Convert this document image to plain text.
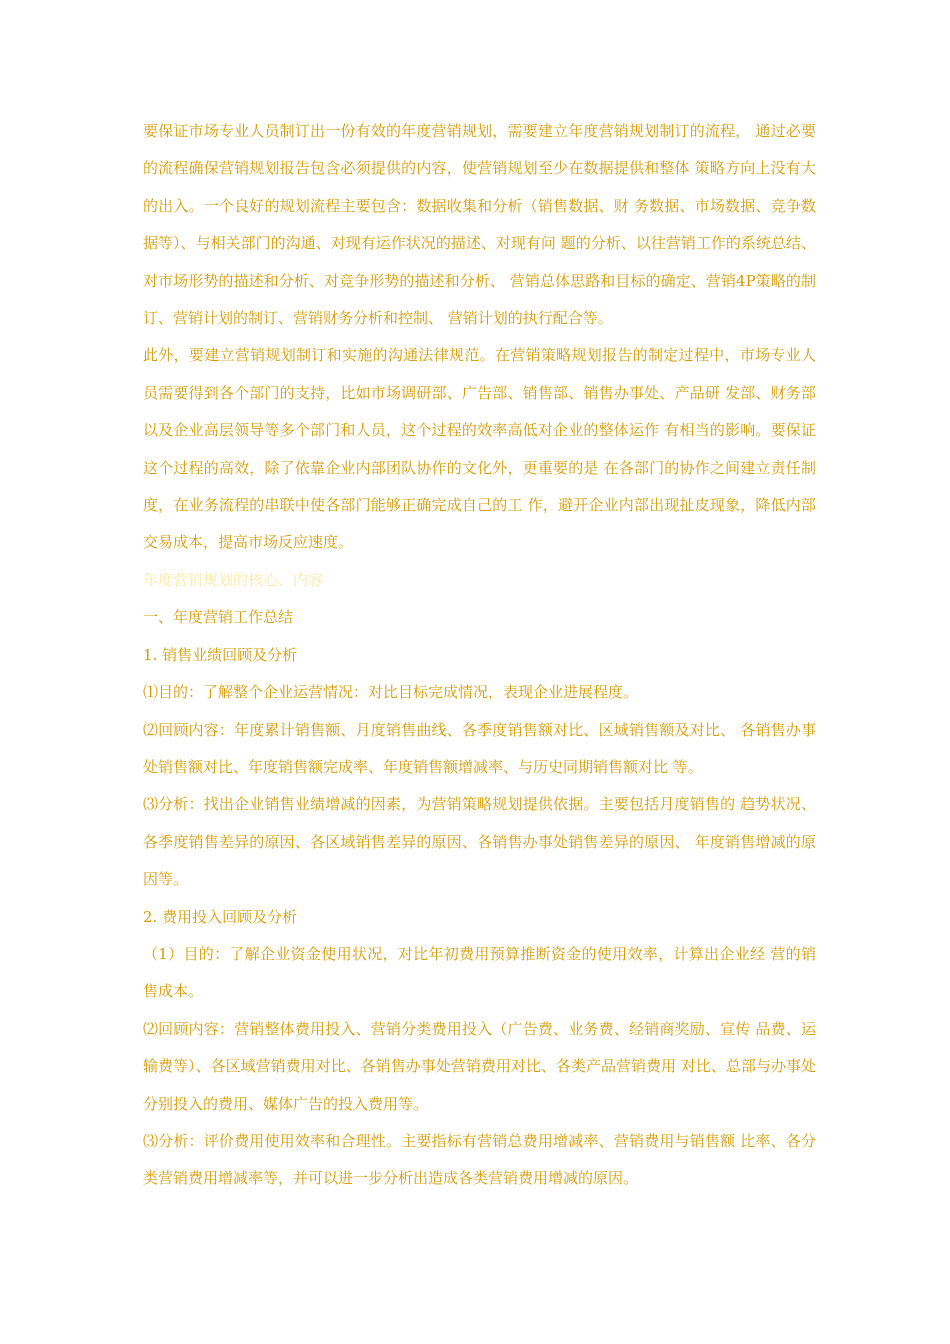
要保证市场专业人员制订出一份有效的年度营销规划，需要建立年度营销规划制订的流程， 通过必要的流程确保营销规划报告包含必须提供的内容，使营销规划至少在数据提供和整体 策略方向上没有大的出入。一个良好的规划流程主要包含：数据收集和分析（销售数据、财 务数据、市场数据、竞争数据等）、与相关部门的沟通、对现有运作状况的描述、对现有问 题的分析、以往营销工作的系统总结、对市场形势的描述和分析、对竞争形势的描述和分析、 营销总体思路和目标的确定、营销4P策略的制订、营销计划的制订、营销财务分析和控制、 营销计划的执行配合等。

此外，要建立营销规划制订和实施的沟通法律规范。在营销策略规划报告的制定过程中，市场专业人员需要得到各个部门的支持，比如市场调研部、广告部、销售部、销售办事处、产品研 发部、财务部以及企业高层领导等多个部门和人员，这个过程的效率高低对企业的整体运作 有相当的影响。要保证这个过程的高效，除了依靠企业内部团队协作的文化外，更重要的是 在各部门的协作之间建立责任制度，在业务流程的串联中使各部门能够正确完成自己的工 作，避开企业内部出现扯皮现象，降低内部交易成本，提高市场反应速度。

年度营销规划的核心、内容

一、年度营销工作总结

1. 销售业绩回顾及分析

⑴目的：了解整个企业运营情况：对比目标完成情况，表现企业进展程度。

⑵回顾内容：年度累计销售额、月度销售曲线、各季度销售额对比、区域销售额及对比、 各销售办事处销售额对比、年度销售额完成率、年度销售额增减率、与历史同期销售额对比 等。

⑶分析：找出企业销售业绩增减的因素，为营销策略规划提供依据。主要包括月度销售的 趋势状况、各季度销售差异的原因、各区域销售差异的原因、各销售办事处销售差异的原因、 年度销售增减的原因等。

2. 费用投入回顾及分析

（1）目的：了解企业资金使用状况，对比年初费用预算推断资金的使用效率，计算出企业经 营的销售成本。

⑵回顾内容：营销整体费用投入、营销分类费用投入（广告费、业务费、经销商奖励、宣传 品费、运输费等）、各区域营销费用对比、各销售办事处营销费用对比、各类产品营销费用 对比、总部与办事处分别投入的费用、媒体广告的投入费用等。

⑶分析：评价费用使用效率和合理性。主要指标有营销总费用增减率、营销费用与销售额 比率、各分类营销费用增减率等，并可以进一步分析出造成各类营销费用增减的原因。
